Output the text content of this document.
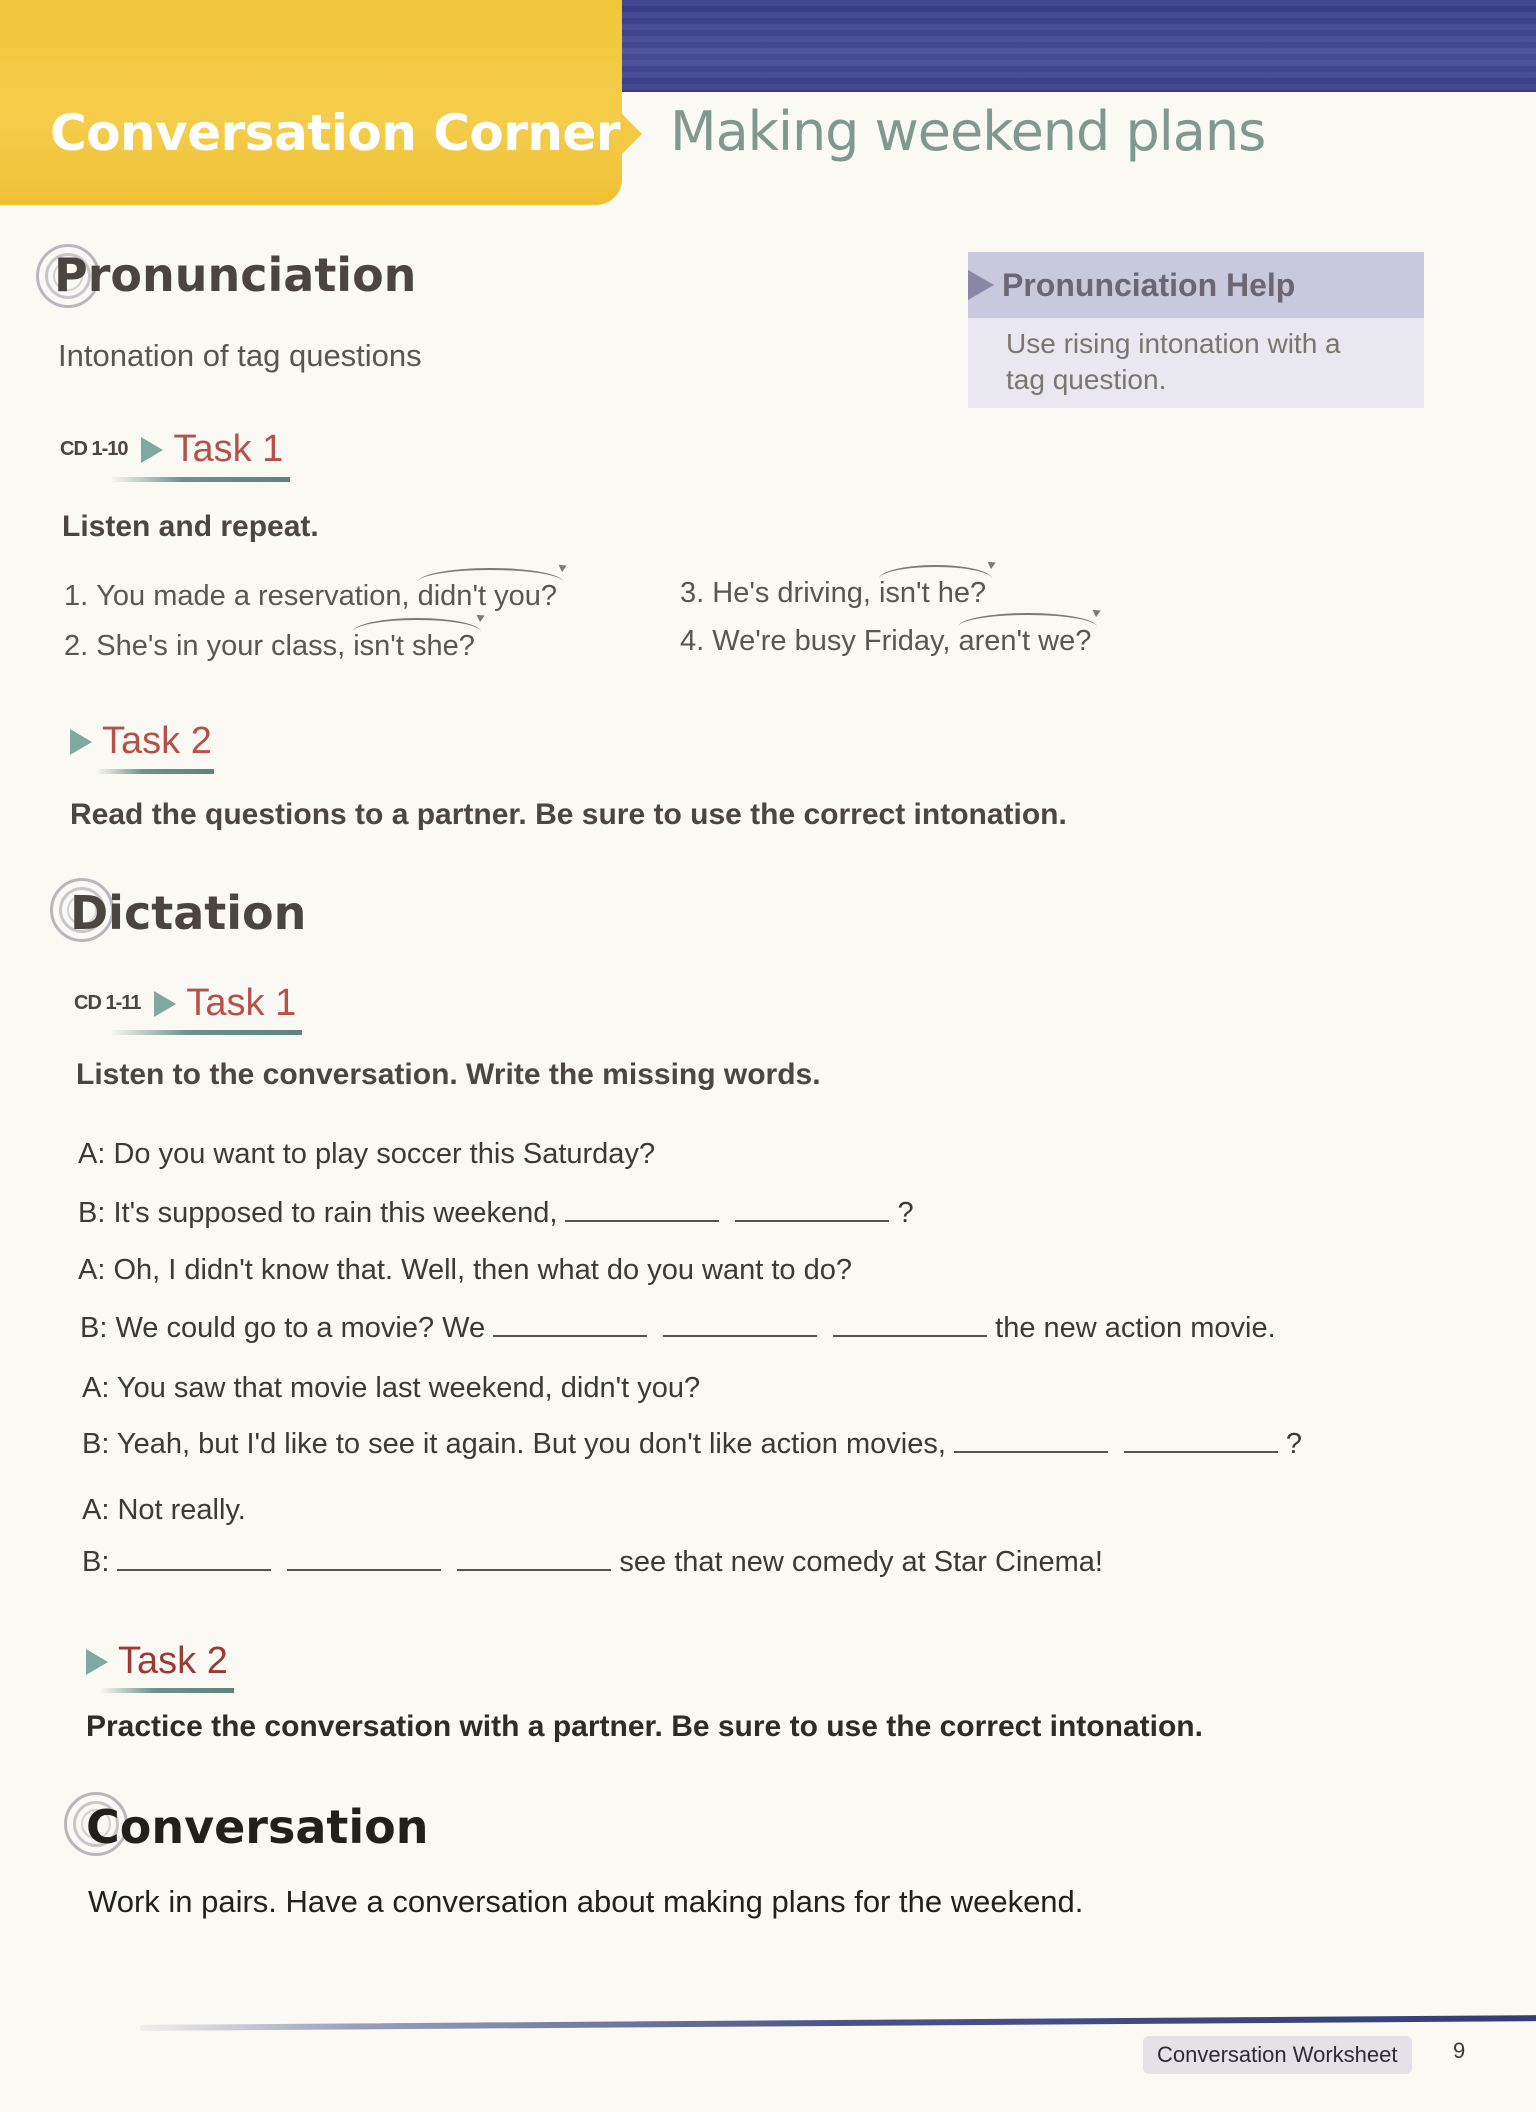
Conversation Corner Making weekend plans
Pronunciation
Intonation of tag questions
Pronunciation Help
Use rising intonation with a tag question.
CD 1-10 Task 1
Listen and repeat.
1. You made a reservation, didn't you?
2. She's in your class, isn't she?
3. He's driving, isn't he?
4. We're busy Friday, aren't we?
Task 2
Read the questions to a partner. Be sure to use the correct intonation.
Dictation
CD 1-11 Task 1
Listen to the conversation. Write the missing words.
A: Do you want to play soccer this Saturday?
B: It's supposed to rain this weekend,	?
A: Oh, I didn't know that. Well, then what do you want to do?
B: We could go to a movie? We	the new action movie.
A: You saw that movie last weekend, didn't you?
B: Yeah, but I'd like to see it again. But you don't like action movies,	?
A: Not really.
B:	see that new comedy at Star Cinema!
Task 2
Practice the conversation with a partner. Be sure to use the correct intonation.
Conversation
Work in pairs. Have a conversation about making plans for the weekend.
Conversation Worksheet	9
